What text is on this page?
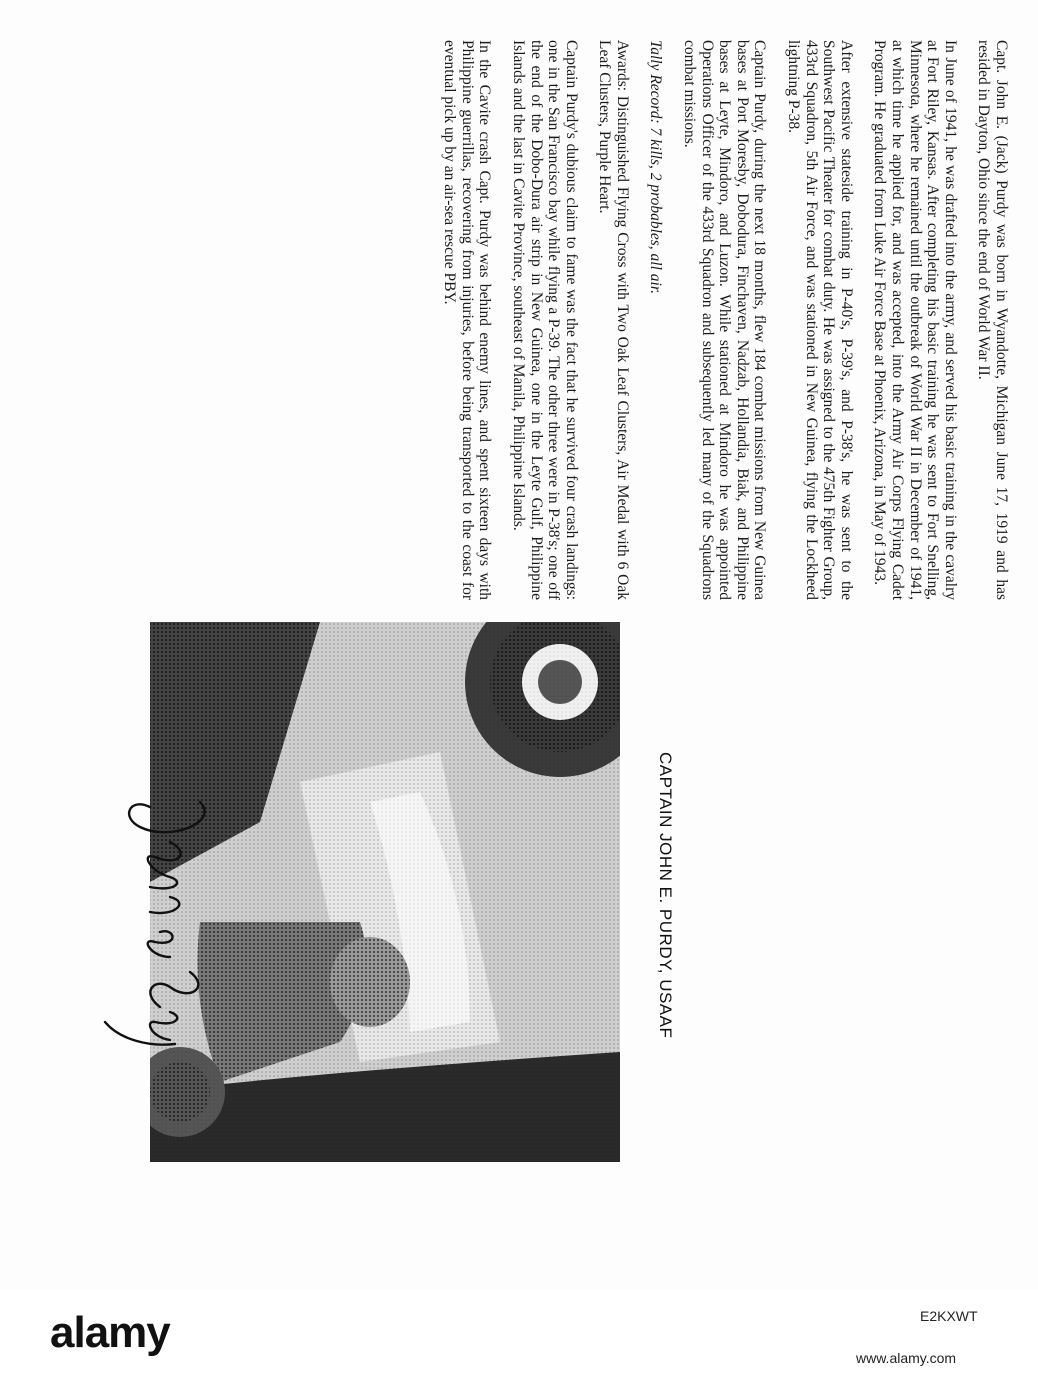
Capt. John E. (Jack) Purdy was born in Wyandotte, Michigan June 17, 1919 and has resided in Dayton, Ohio since the end of World War II.

In June of 1941, he was drafted into the army, and served his basic training in the cavalry at Fort Riley, Kansas. After completing his basic training he was sent to Fort Snelling, Minnesota, where he remained until the outbreak of World War II in December of 1941, at which time he applied for, and was accepted, into the Army Air Corps Flying Cadet Program. He graduated from Luke Air Force Base at Phoenix, Arizona, in May of 1943.

After extensive stateside training in P-40's, P-39's, and P-38's, he was sent to the Southwest Pacific Theater for combat duty. He was assigned to the 475th Fighter Group, 433rd Squadron, 5th Air Force, and was stationed in New Guinea, flying the Lockheed lightning P-38.

Captain Purdy, during the next 18 months, flew 184 combat missions from New Guinea bases at Port Moresby, Dobodura, Finchaven, Nadzab, Hollandia, Biak, and Philippine bases at Leyte, Mindoro, and Luzon. While stationed at Mindoro he was appointed Operations Officer of the 433rd Squadron and subsequently led many of the Squadrons combat missions.

Tally Record: 7 kills, 2 probables, all air.

Awards: Distinguished Flying Cross with Two Oak Leaf Clusters, Air Medal with 6 Oak Leaf Clusters, Purple Heart.

Captain Purdy's dubious claim to fame was the fact that he survived four crash landings: one in the San Francisco bay while flying a P-39. The other three were in P-38's; one off the end of the Dobo-Dura air strip in New Guinea, one in the Leyte Gulf, Philippine Islands and the last in Cavite Province, southeast of Manila, Philippine Islands.

In the Cavite crash Capt. Purdy was behind enemy lines, and spent sixteen days with Philippine guerrillas, recovering from injuries, before being transported to the coast for eventual pick up by an air-sea rescue PBY.

CAPTAIN JOHN E. PURDY, USAAF
alamy	E2KXWT
www.alamy.com
